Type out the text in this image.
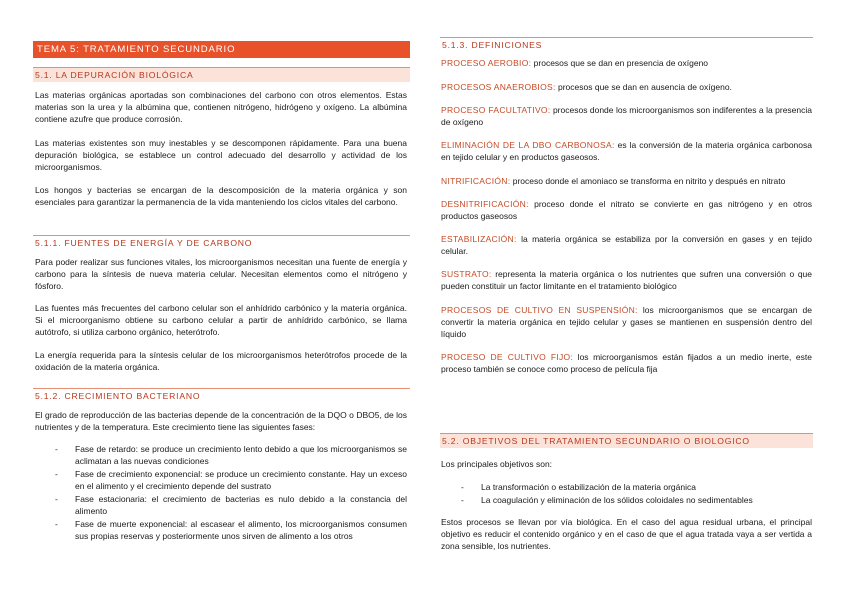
TEMA 5: TRATAMIENTO SECUNDARIO
5.1. LA DEPURACIÓN BIOLÓGICA

Las materias orgánicas aportadas son combinaciones del carbono con otros elementos. Estas materias son la urea y la albúmina que, contienen nitrógeno, hidrógeno y oxígeno. La albúmina contiene azufre que produce corrosión.

Las materias existentes son muy inestables y se descomponen rápidamente. Para una buena depuración biológica, se establece un control adecuado del desarrollo y actividad de los microorganismos.

Los hongos y bacterias se encargan de la descomposición de la materia orgánica y son esenciales para garantizar la permanencia de la vida manteniendo los ciclos vitales del carbono.

5.1.1. FUENTES DE ENERGÍA Y DE CARBONO

Para poder realizar sus funciones vitales, los microorganismos necesitan una fuente de energía y carbono para la síntesis de nueva materia celular. Necesitan elementos como el nitrógeno y fósforo.

Las fuentes más frecuentes del carbono celular son el anhídrido carbónico y la materia orgánica. Si el microorganismo obtiene su carbono celular a partir de anhídrido carbónico, se llama autótrofo, si utiliza carbono orgánico, heterótrofo.

La energía requerida para la síntesis celular de los microorganismos heterótrofos procede de la oxidación de la materia orgánica.

5.1.2. CRECIMIENTO BACTERIANO

El grado de reproducción de las bacterias depende de la concentración de la DQO o DBO5, de los nutrientes y de la temperatura. Este crecimiento tiene las siguientes fases:

- Fase de retardo: se produce un crecimiento lento debido a que los microorganismos se aclimatan a las nuevas condiciones
- Fase de crecimiento exponencial: se produce un crecimiento constante. Hay un exceso en el alimento y el crecimiento depende del sustrato
- Fase estacionaria: el crecimiento de bacterias es nulo debido a la constancia del alimento
- Fase de muerte exponencial: al escasear el alimento, los microorganismos consumen sus propias reservas y posteriormente unos sirven de alimento a los otros
5.1.3. DEFINICIONES

PROCESO AEROBIO: procesos que se dan en presencia de oxígeno

PROCESOS ANAEROBIOS: procesos que se dan en ausencia de oxígeno.

PROCESO FACULTATIVO: procesos donde los microorganismos son indiferentes a la presencia de oxígeno

ELIMINACIÓN DE LA DBO CARBONOSA: es la conversión de la materia orgánica carbonosa en tejido celular y en productos gaseosos.

NITRIFICACIÓN: proceso donde el amoniaco se transforma en nitrito y después en nitrato

DESNITRIFICACIÓN: proceso donde el nitrato se convierte en gas nitrógeno y en otros productos gaseosos

ESTABILIZACIÓN: la materia orgánica se estabiliza por la conversión en gases y en tejido celular.

SUSTRATO: representa la materia orgánica o los nutrientes que sufren una conversión o que pueden constituir un factor limitante en el tratamiento biológico

PROCESOS DE CULTIVO EN SUSPENSIÓN: los microorganismos que se encargan de convertir la materia orgánica en tejido celular y gases se mantienen en suspensión dentro del líquido

PROCESO DE CULTIVO FIJO: los microorganismos están fijados a un medio inerte, este proceso también se conoce como proceso de película fija

5.2. OBJETIVOS DEL TRATAMIENTO SECUNDARIO O BIOLOGICO

Los principales objetivos son:

- La transformación o estabilización de la materia orgánica
- La coagulación y eliminación de los sólidos coloidales no sedimentables

Estos procesos se llevan por vía biológica. En el caso del agua residual urbana, el principal objetivo es reducir el contenido orgánico y en el caso de que el agua tratada vaya a ser vertida a zona sensible, los nutrientes.
